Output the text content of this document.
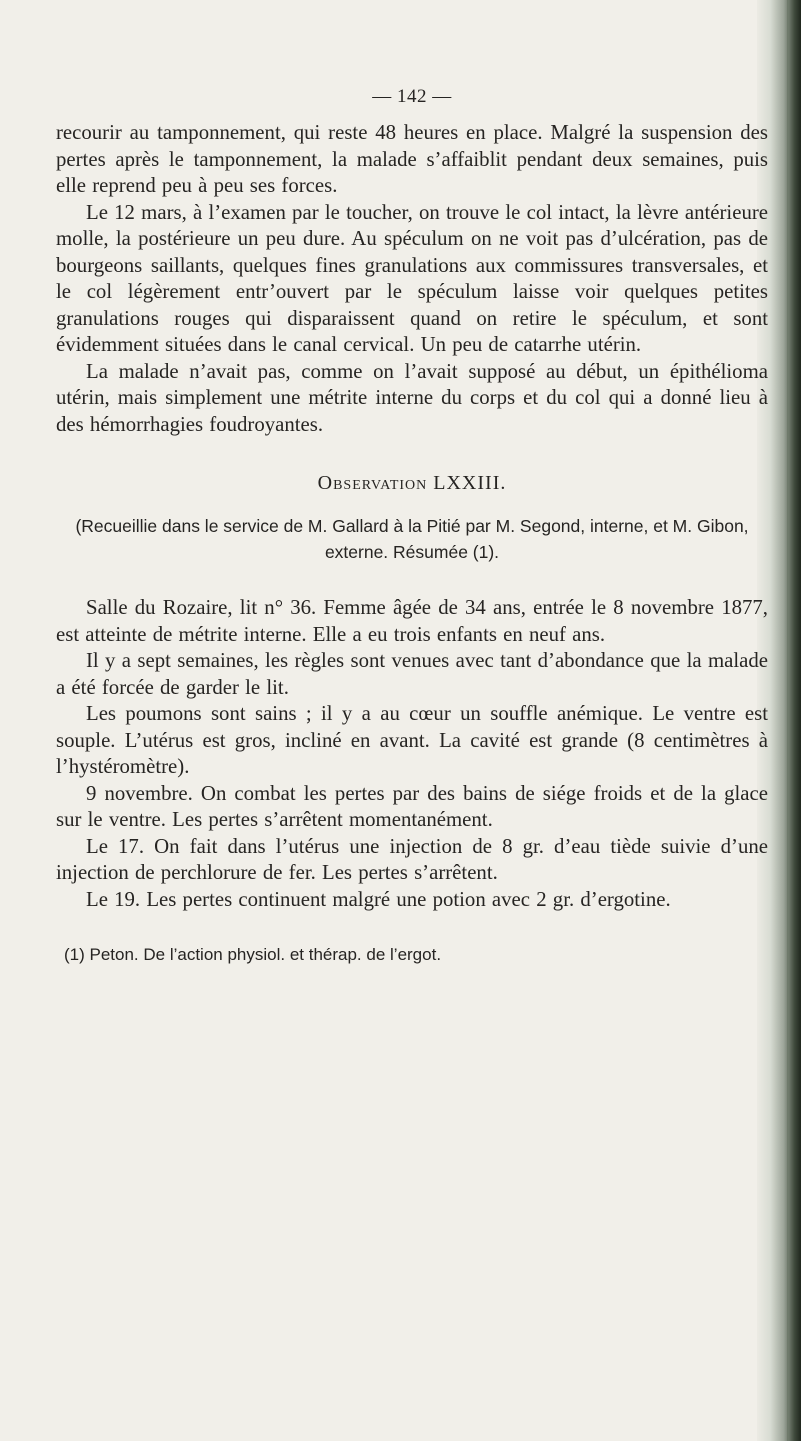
— 142 —

recourir au tamponnement, qui reste 48 heures en place. Malgré la suspension des pertes après le tamponnement, la malade s’affaiblit pendant deux semaines, puis elle reprend peu à peu ses forces.

Le 12 mars, à l’examen par le toucher, on trouve le col intact, la lèvre antérieure molle, la postérieure un peu dure. Au spéculum on ne voit pas d’ulcération, pas de bourgeons saillants, quelques fines granulations aux commissures transversales, et le col légèrement entr’ouvert par le spéculum laisse voir quelques petites granulations rouges qui disparaissent quand on retire le spéculum, et sont évidemment situées dans le canal cervical. Un peu de catarrhe utérin.

La malade n’avait pas, comme on l’avait supposé au début, un épithélioma utérin, mais simplement une métrite interne du corps et du col qui a donné lieu à des hémorrhagies foudroyantes.

Observation LXXIII.
(Recueillie dans le service de M. Gallard à la Pitié par M. Segond, interne, et M. Gibon, externe. Résumée (1).

Salle du Rozaire, lit n° 36. Femme âgée de 34 ans, entrée le 8 novembre 1877, est atteinte de métrite interne. Elle a eu trois enfants en neuf ans.

Il y a sept semaines, les règles sont venues avec tant d’abondance que la malade a été forcée de garder le lit.

Les poumons sont sains ; il y a au cœur un souffle anémique. Le ventre est souple. L’utérus est gros, incliné en avant. La cavité est grande (8 centimètres à l’hystéromètre).

9 novembre. On combat les pertes par des bains de siége froids et de la glace sur le ventre. Les pertes s’arrêtent momentanément.

Le 17. On fait dans l’utérus une injection de 8 gr. d’eau tiède suivie d’une injection de perchlorure de fer. Les pertes s’arrêtent.

Le 19. Les pertes continuent malgré une potion avec 2 gr. d’ergotine.

(1) Peton. De l’action physiol. et thérap. de l’ergot.
